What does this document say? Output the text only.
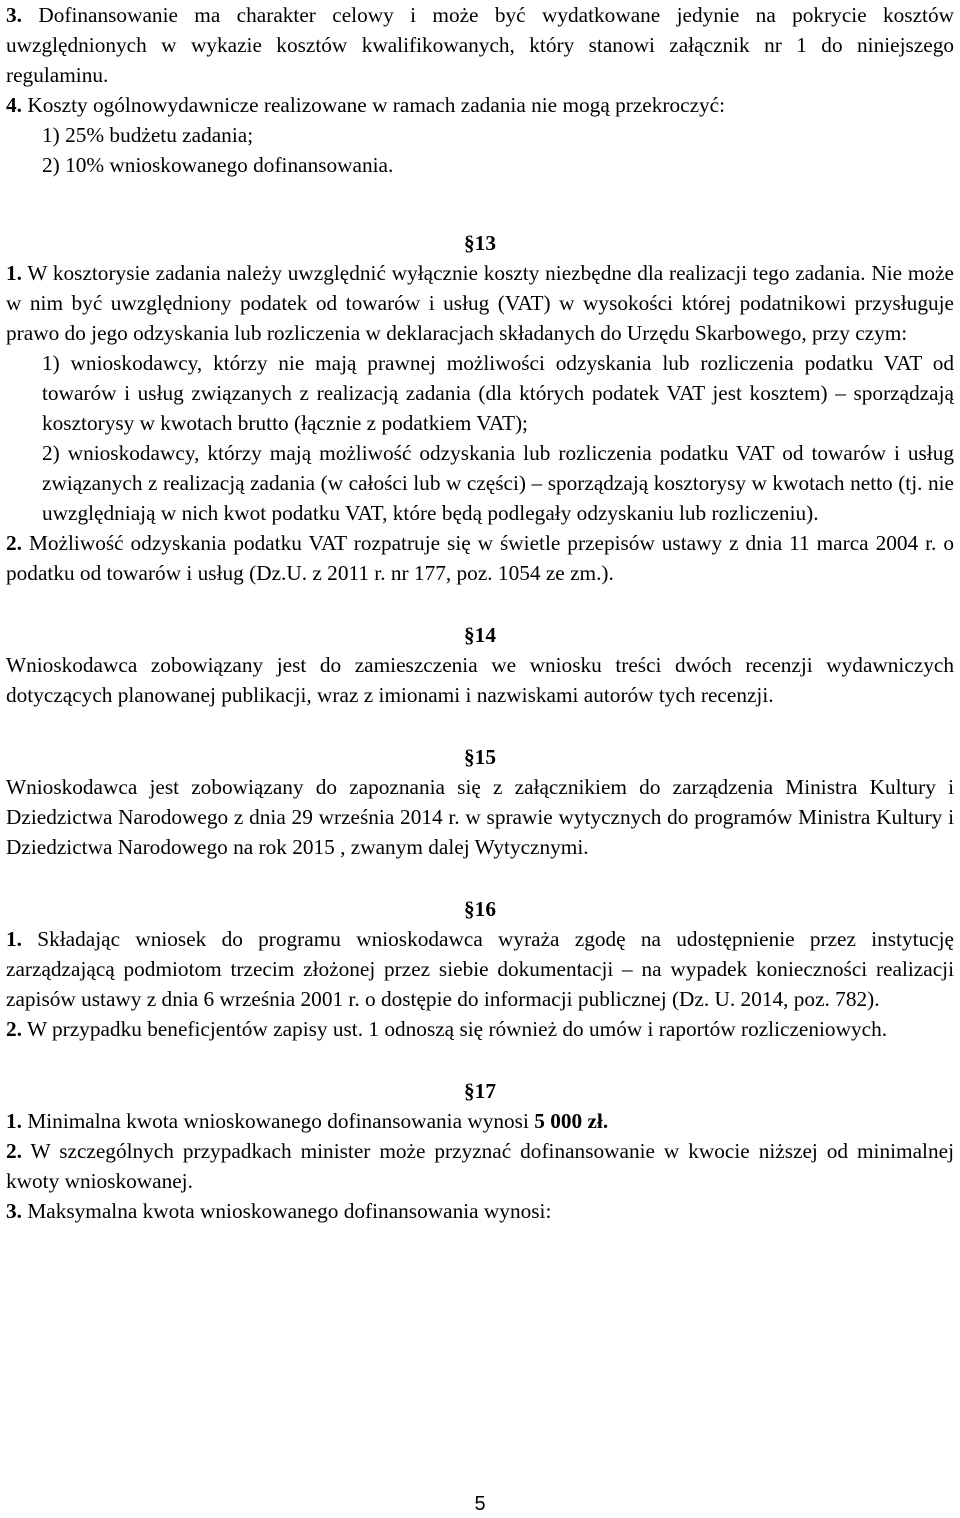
3. Dofinansowanie ma charakter celowy i może być wydatkowane jedynie na pokrycie kosztów uwzględnionych w wykazie kosztów kwalifikowanych, który stanowi załącznik nr 1 do niniejszego regulaminu.

4. Koszty ogólnowydawnicze realizowane w ramach zadania nie mogą przekroczyć:

1) 25% budżetu zadania;

2) 10% wnioskowanego dofinansowania.

§13

1. W kosztorysie zadania należy uwzględnić wyłącznie koszty niezbędne dla realizacji tego zadania. Nie może w nim być uwzględniony podatek od towarów i usług (VAT) w wysokości której podatnikowi przysługuje prawo do jego odzyskania lub rozliczenia w deklaracjach składanych do Urzędu Skarbowego, przy czym:

1) wnioskodawcy, którzy nie mają prawnej możliwości odzyskania lub rozliczenia podatku VAT od towarów i usług związanych z realizacją zadania (dla których podatek VAT jest kosztem) – sporządzają kosztorysy w kwotach brutto (łącznie z podatkiem VAT);

2) wnioskodawcy, którzy mają możliwość odzyskania lub rozliczenia podatku VAT od towarów i usług związanych z realizacją zadania (w całości lub w części) – sporządzają kosztorysy w kwotach netto (tj. nie uwzględniają w nich kwot podatku VAT, które będą podlegały odzyskaniu lub rozliczeniu).

2. Możliwość odzyskania podatku VAT rozpatruje się w świetle przepisów ustawy z dnia 11 marca 2004 r. o podatku od towarów i usług (Dz.U. z 2011 r. nr 177, poz. 1054 ze zm.).

§14

Wnioskodawca zobowiązany jest do zamieszczenia we wniosku treści dwóch recenzji wydawniczych dotyczących planowanej publikacji, wraz z imionami i nazwiskami autorów tych recenzji.

§15

Wnioskodawca jest zobowiązany do zapoznania się z załącznikiem do zarządzenia Ministra Kultury i Dziedzictwa Narodowego z dnia 29 września 2014 r. w sprawie wytycznych do programów Ministra Kultury i Dziedzictwa Narodowego na rok 2015 , zwanym dalej Wytycznymi.

§16

1. Składając wniosek do programu wnioskodawca wyraża zgodę na udostępnienie przez instytucję zarządzającą podmiotom trzecim złożonej przez siebie dokumentacji – na wypadek konieczności realizacji zapisów ustawy z dnia 6 września 2001 r. o dostępie do informacji publicznej (Dz. U. 2014, poz. 782).

2. W przypadku beneficjentów zapisy ust. 1 odnoszą się również do umów i raportów rozliczeniowych.

§17

1. Minimalna kwota wnioskowanego dofinansowania wynosi 5 000 zł.

2. W szczególnych przypadkach minister może przyznać dofinansowanie w kwocie niższej od minimalnej kwoty wnioskowanej.

3. Maksymalna kwota wnioskowanego dofinansowania wynosi:

5
